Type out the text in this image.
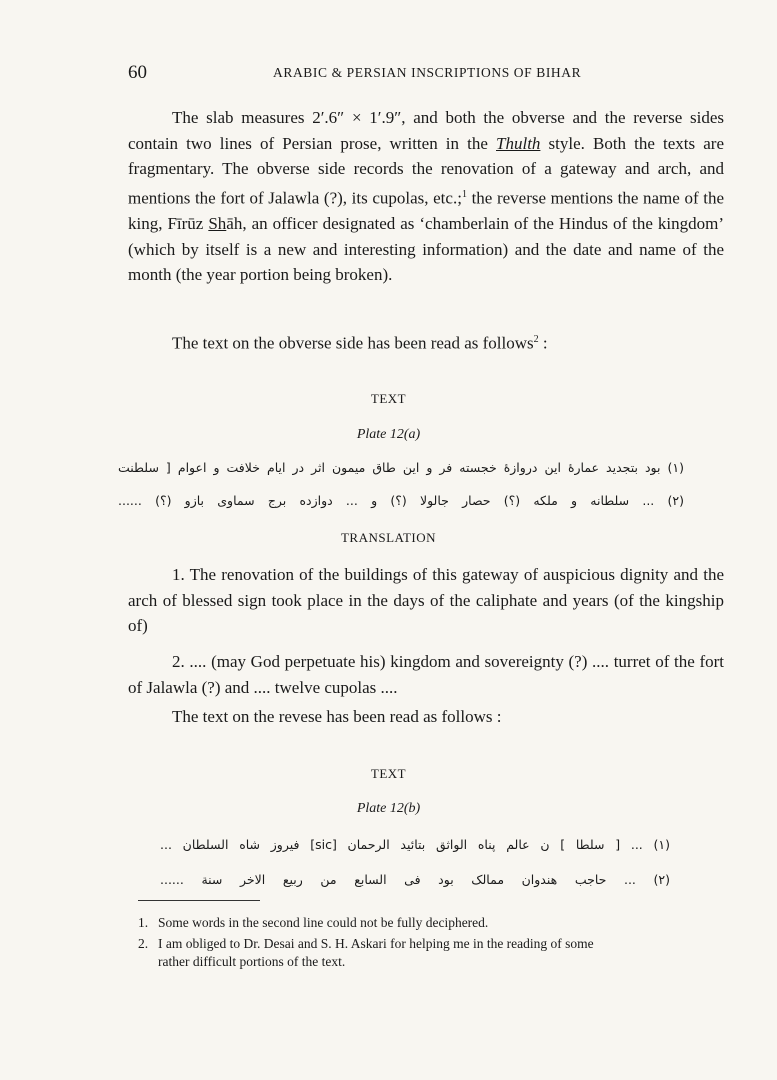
60	ARABIC & PERSIAN INSCRIPTIONS OF BIHAR
The slab measures 2′.6″ × 1′.9″, and both the obverse and the reverse sides contain two lines of Persian prose, written in the Thulth style. Both the texts are fragmentary. The obverse side records the renovation of a gateway and arch, and mentions the fort of Jalawla (?), its cupolas, etc.;$^1$ the reverse mentions the name of the king, Fīrūz Shāh, an officer designated as ‘chamberlain of the Hindus of the kingdom’ (which by itself is a new and interesting information) and the date and name of the month (the year portion being broken).
The text on the obverse side has been read as follows$^2$ :
TEXT
Plate 12(a)
(۱) بود بتجدید عمارۀ این دروازۀ خجسته فر و این طاق میمون اثر در ایام خلافت و اعوام [ سلطنت
(۲) ... سلطانه و ملکه (؟) حصار جالولا (؟) و ... دوازده برج سماوی بازو (؟) ......
TRANSLATION
1. The renovation of the buildings of this gateway of auspicious dignity and the arch of blessed sign took place in the days of the caliphate and years (of the kingship of)
2. .... (may God perpetuate his) kingdom and sovereignty (?) .... turret of the fort of Jalawla (?) and .... twelve cupolas ....
The text on the revese has been read as follows :
TEXT
Plate 12(b)
(۱) ... [ سلطا ] ن عالم پناه الواثق بتائید الرحمان [sic] فیروز شاه السلطان ...
(۲) ... حاجب هندوان ممالک بود فی السابع من ربیع الاخر سنة ......
1. Some words in the second line could not be fully deciphered.
2. I am obliged to Dr. Desai and S. H. Askari for helping me in the reading of some
rather difficult portions of the text.
